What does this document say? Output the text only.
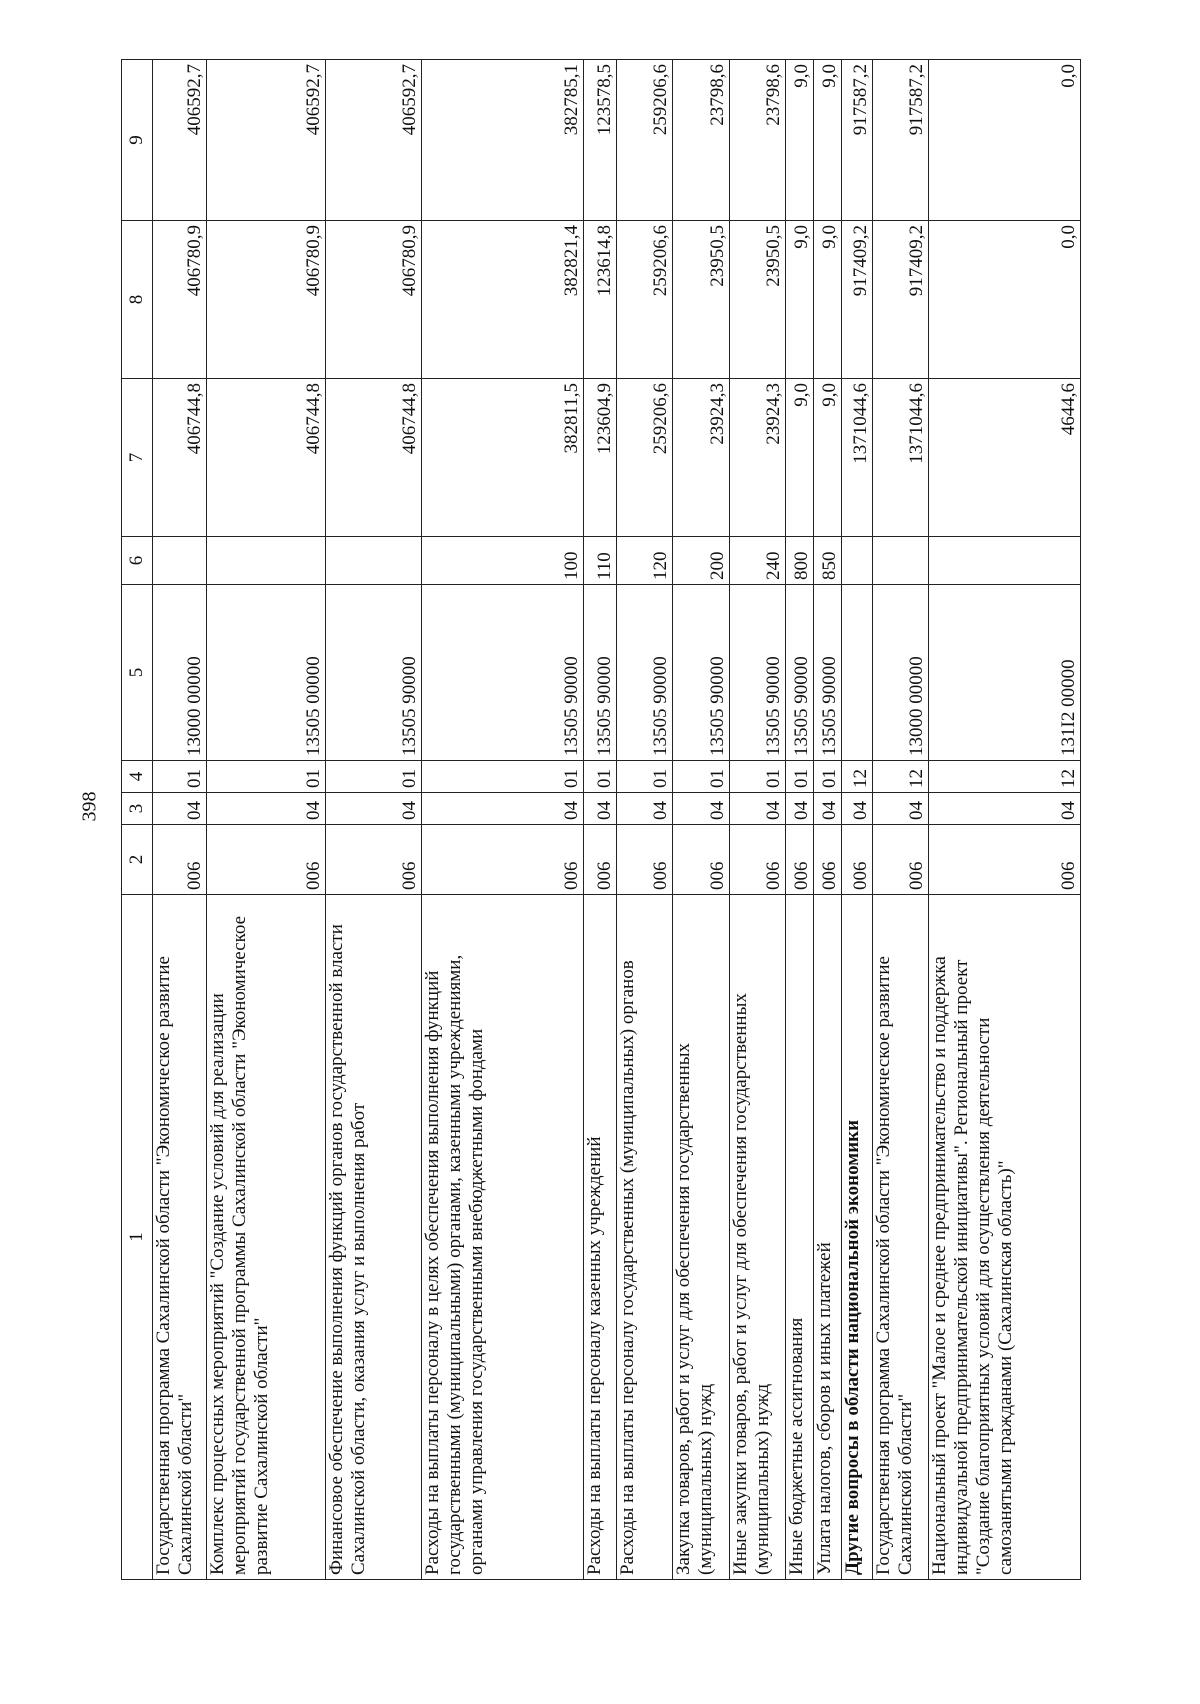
398
1	2	3	4	5	6	7	8	9
Государственная программа Сахалинской области "Экономическое развитие Сахалинской области"	006	04	01	13000 00000		406744,8	406780,9	406592,7
Комплекс процессных мероприятий "Создание условий для реализации мероприятий государственной программы Сахалинской области "Экономическое развитие Сахалинской области"	006	04	01	13505 00000		406744,8	406780,9	406592,7
Финансовое обеспечение выполнения функций органов государственной власти Сахалинской области, оказания услуг и выполнения работ	006	04	01	13505 90000		406744,8	406780,9	406592,7
Расходы на выплаты персоналу в целях обеспечения выполнения функций государственными (муниципальными) органами, казенными учреждениями, органами управления государственными внебюджетными фондами	006	04	01	13505 90000	100	382811,5	382821,4	382785,1
Расходы на выплаты персоналу казенных учреждений	006	04	01	13505 90000	110	123604,9	123614,8	123578,5
Расходы на выплаты персоналу государственных (муниципальных) органов	006	04	01	13505 90000	120	259206,6	259206,6	259206,6
Закупка товаров, работ и услуг для обеспечения государственных (муниципальных) нужд	006	04	01	13505 90000	200	23924,3	23950,5	23798,6
Иные закупки товаров, работ и услуг для обеспечения государственных (муниципальных) нужд	006	04	01	13505 90000	240	23924,3	23950,5	23798,6
Иные бюджетные ассигнования	006	04	01	13505 90000	800	9,0	9,0	9,0
Уплата налогов, сборов и иных платежей	006	04	01	13505 90000	850	9,0	9,0	9,0
Другие вопросы в области национальной экономики	006	04	12			1371044,6	917409,2	917587,2
Государственная программа Сахалинской области "Экономическое развитие Сахалинской области"	006	04	12	13000 00000		1371044,6	917409,2	917587,2
Национальный проект "Малое и среднее предпринимательство и поддержка индивидуальной предпринимательской инициативы". Региональный проект "Создание благоприятных условий для осуществления деятельности самозанятыми гражданами (Сахалинская область)"	006	04	12	131I2 00000		4644,6	0,0	0,0
